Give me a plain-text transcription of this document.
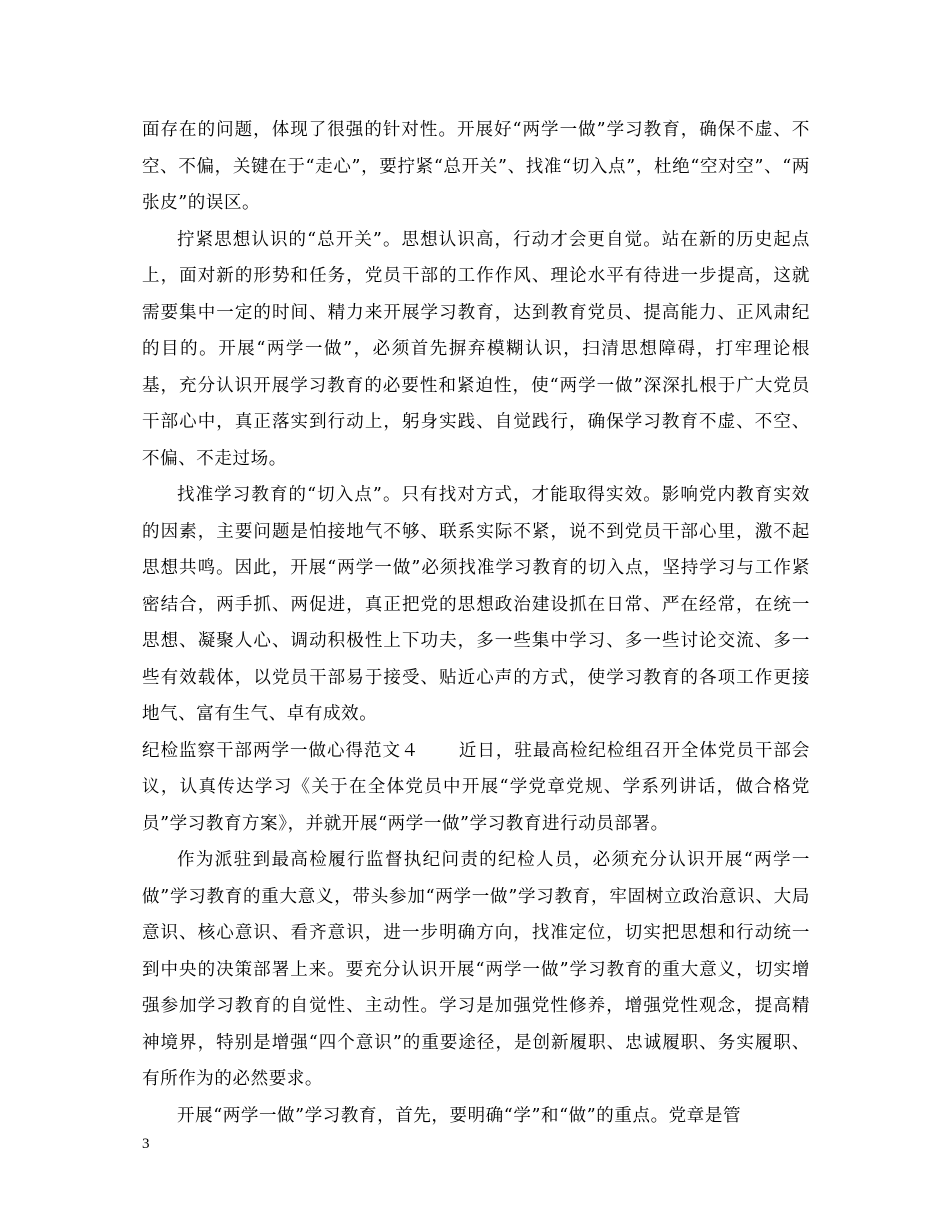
面存在的问题，体现了很强的针对性。开展好“两学一做”学习教育，确保不虚、不空、不偏，关键在于“走心”，要拧紧“总开关”、找准“切入点”，杜绝“空对空”、“两张皮”的误区。

拧紧思想认识的“总开关”。思想认识高，行动才会更自觉。站在新的历史起点上，面对新的形势和任务，党员干部的工作作风、理论水平有待进一步提高，这就需要集中一定的时间、精力来开展学习教育，达到教育党员、提高能力、正风肃纪的目的。开展“两学一做”，必须首先摒弃模糊认识，扫清思想障碍，打牢理论根基，充分认识开展学习教育的必要性和紧迫性，使“两学一做”深深扎根于广大党员干部心中，真正落实到行动上，躬身实践、自觉践行，确保学习教育不虚、不空、不偏、不走过场。

找准学习教育的“切入点”。只有找对方式，才能取得实效。影响党内教育实效的因素，主要问题是怕接地气不够、联系实际不紧，说不到党员干部心里，激不起思想共鸣。因此，开展“两学一做”必须找准学习教育的切入点，坚持学习与工作紧密结合，两手抓、两促进，真正把党的思想政治建设抓在日常、严在经常，在统一思想、凝聚人心、调动积极性上下功夫，多一些集中学习、多一些讨论交流、多一些有效载体，以党员干部易于接受、贴近心声的方式，使学习教育的各项工作更接地气、富有生气、卓有成效。

纪检监察干部两学一做心得范文４ 近日，驻最高检纪检组召开全体党员干部会议，认真传达学习《关于在全体党员中开展“学党章党规、学系列讲话，做合格党员”学习教育方案》，并就开展“两学一做”学习教育进行动员部署。

作为派驻到最高检履行监督执纪问责的纪检人员，必须充分认识开展“两学一做”学习教育的重大意义，带头参加“两学一做”学习教育，牢固树立政治意识、大局意识、核心意识、看齐意识，进一步明确方向，找准定位，切实把思想和行动统一到中央的决策部署上来。要充分认识开展“两学一做”学习教育的重大意义，切实增强参加学习教育的自觉性、主动性。学习是加强党性修养，增强党性观念，提高精神境界，特别是增强“四个意识”的重要途径，是创新履职、忠诚履职、务实履职、有所作为的必然要求。

开展“两学一做”学习教育，首先，要明确“学”和“做”的重点。党章是管

3
